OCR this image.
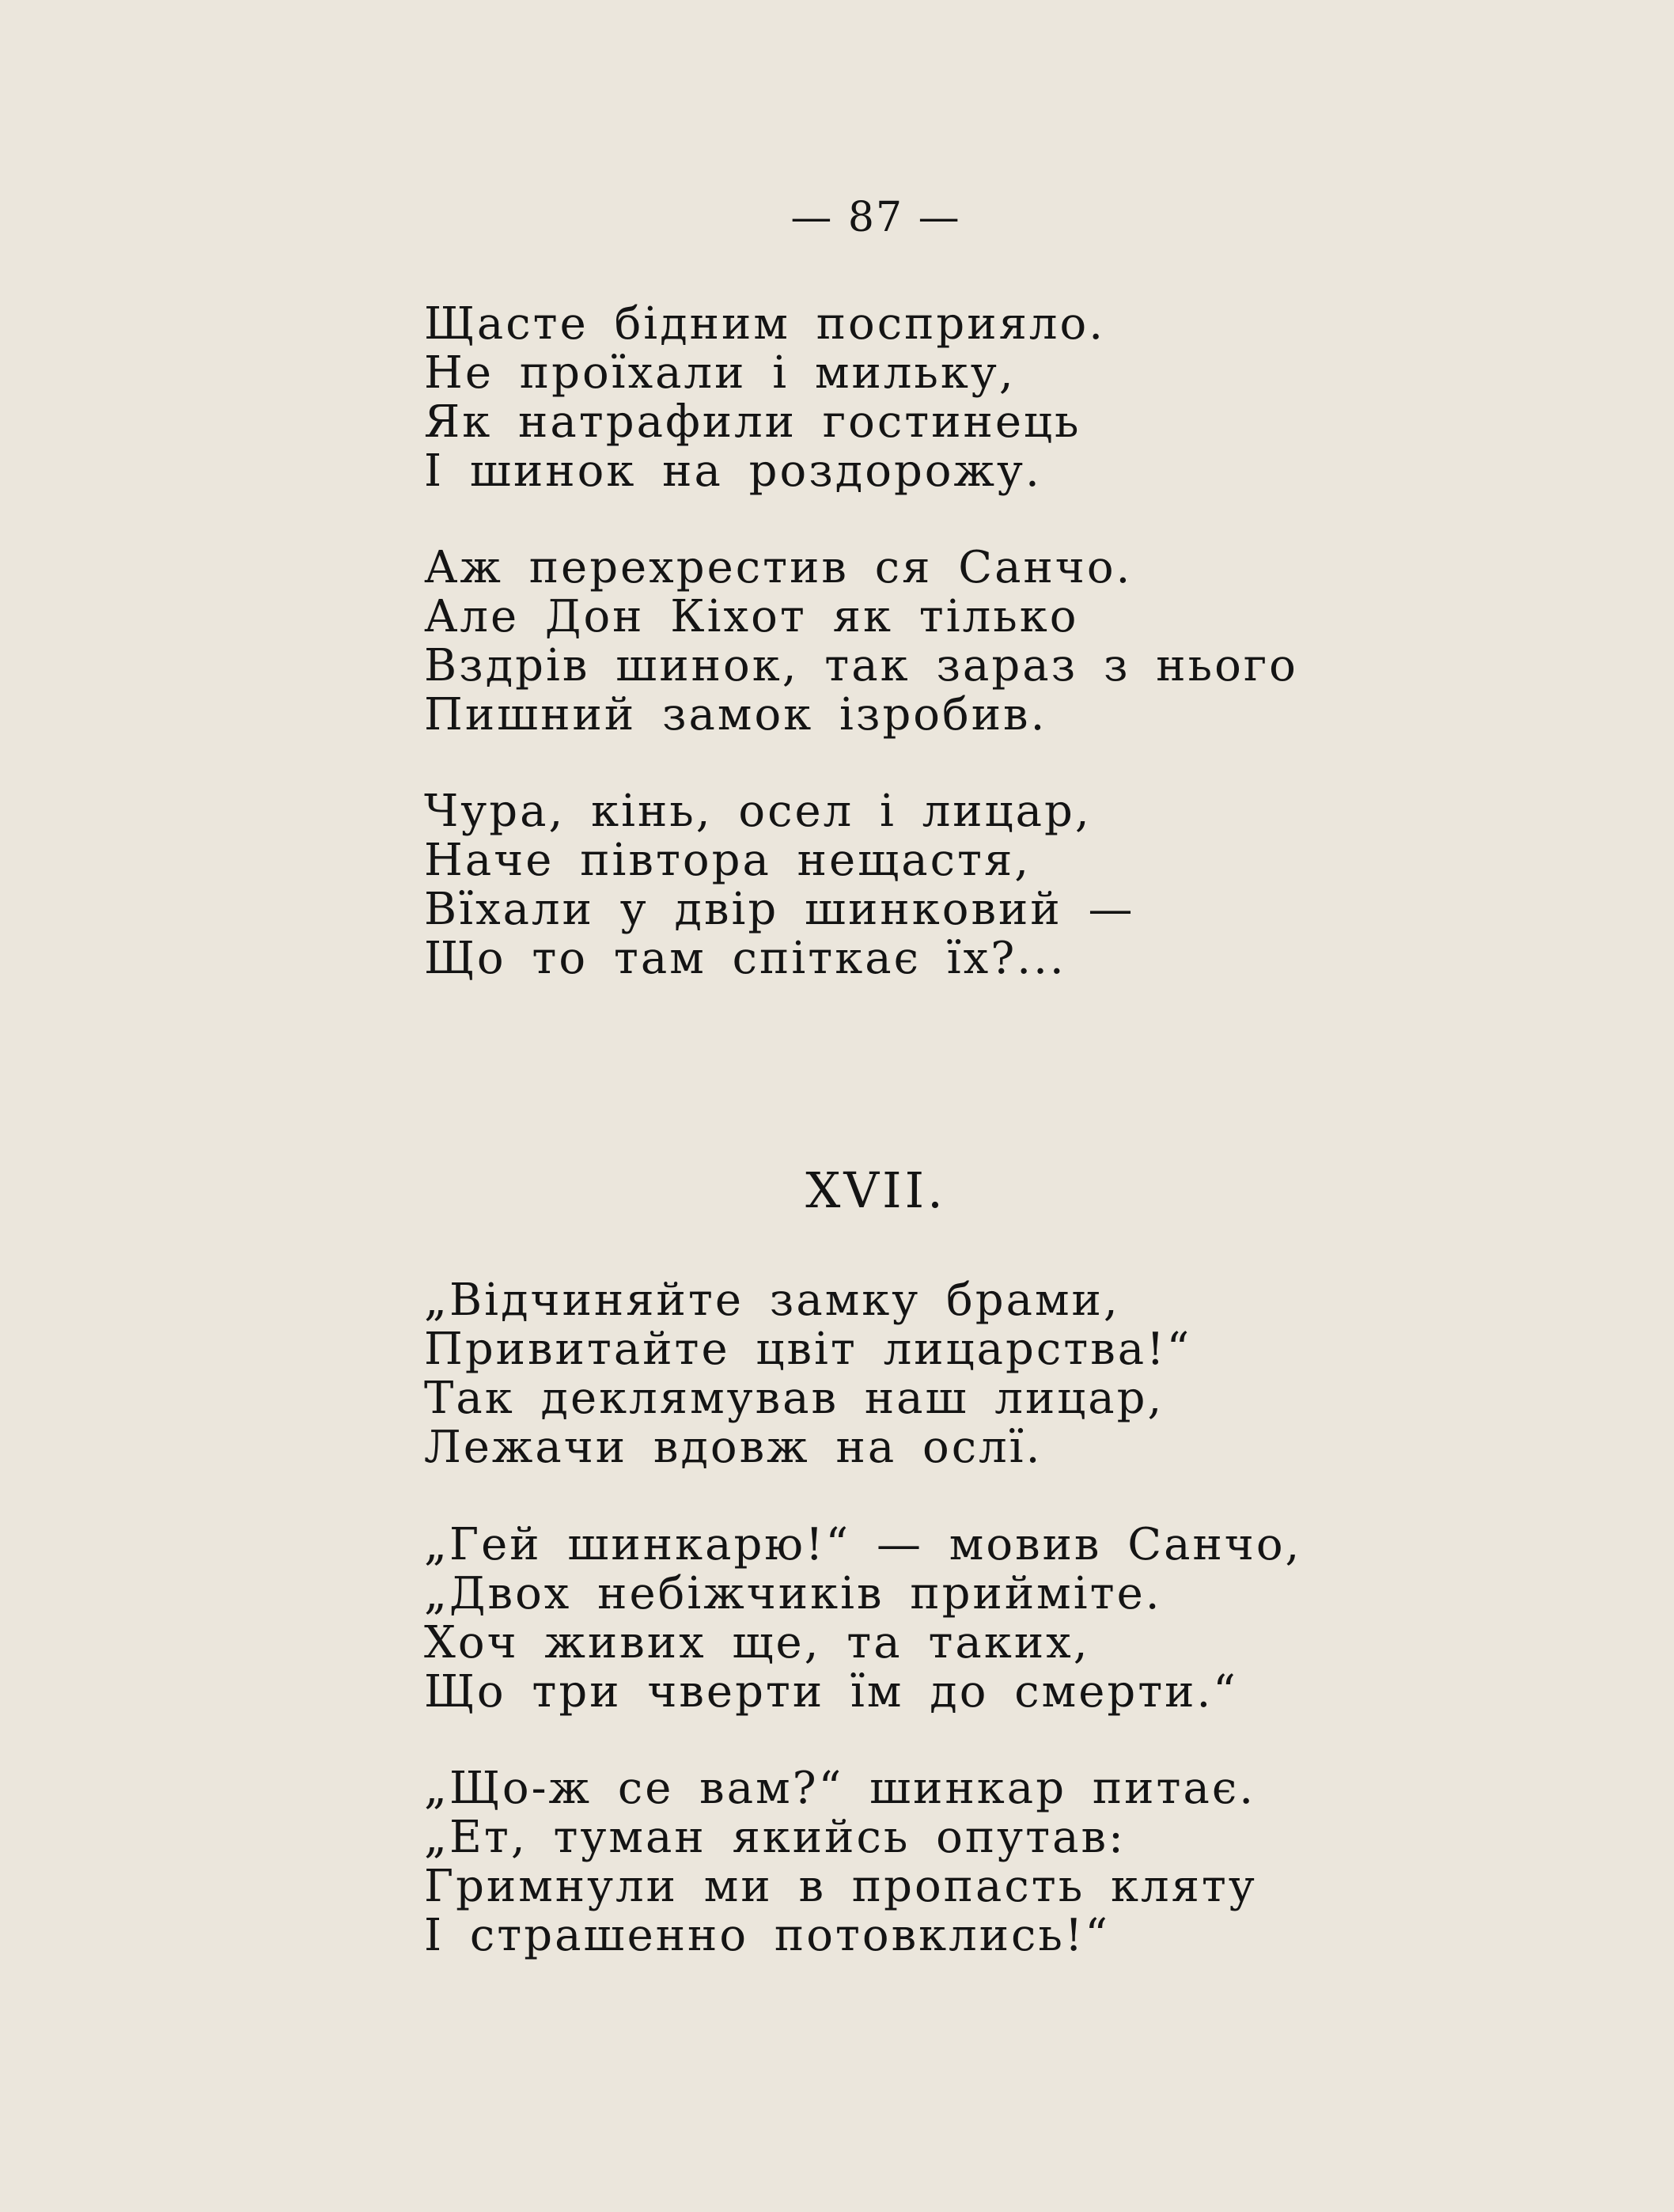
— 87 —
Щасте бідним посприяло.
Не проїхали і мильку,
Як натрафили гостинець
І шинок на роздорожу.
Аж перехрестив ся Санчо.
Але Дон Кіхот як тілько
Вздрів шинок, так зараз з нього
Пишний замок ізробив.
Чура, кінь, осел і лицар,
Наче півтора нещастя,
Вїхали у двір шинковий —
Що то там спіткає їх?...
XVII.
„Відчиняйте замку брами,
Привитайте цвіт лицарства!“
Так деклямував наш лицар,
Лежачи вдовж на ослї.
„Гей шинкарю!“ — мовив Санчо,
„Двох небіжчиків прийміте.
Хоч живих ще, та таких,
Що три чверти їм до смерти.“
„Що-ж се вам?“ шинкар питає.
„Ет, туман якийсь опутав:
Гримнули ми в пропасть кляту
І страшенно потовклись!“
